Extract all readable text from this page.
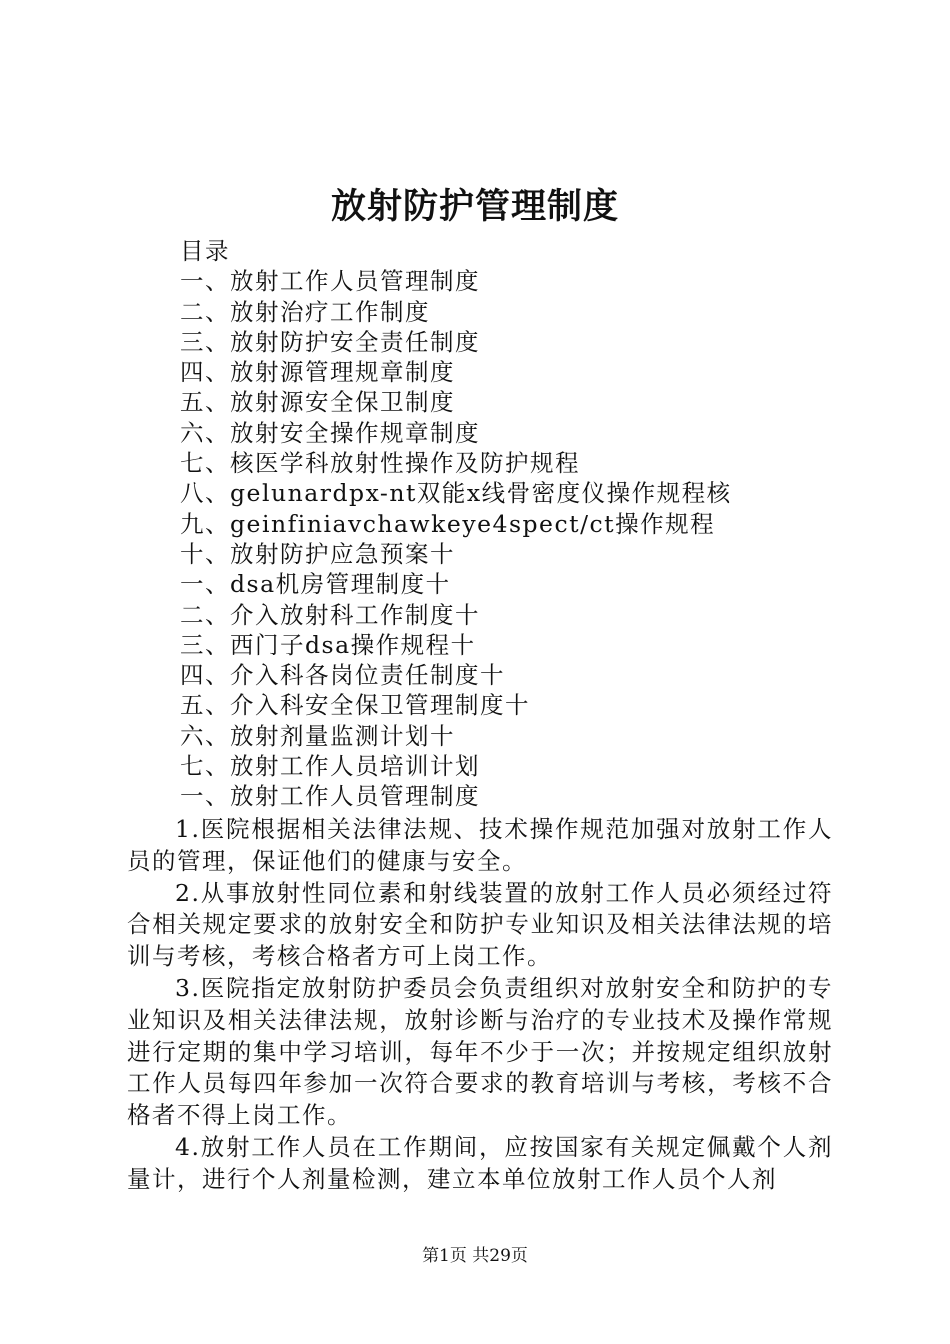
放射防护管理制度
目录
一、放射工作人员管理制度
二、放射治疗工作制度
三、放射防护安全责任制度
四、放射源管理规章制度
五、放射源安全保卫制度
六、放射安全操作规章制度
七、核医学科放射性操作及防护规程
八、gelunardpx-nt双能x线骨密度仪操作规程核
九、geinfiniavchawkeye4spect/ct操作规程
十、放射防护应急预案十
一、dsa机房管理制度十
二、介入放射科工作制度十
三、西门子dsa操作规程十
四、介入科各岗位责任制度十
五、介入科安全保卫管理制度十
六、放射剂量监测计划十
七、放射工作人员培训计划
一、放射工作人员管理制度

1.医院根据相关法律法规、技术操作规范加强对放射工作人员的管理，保证他们的健康与安全。

2.从事放射性同位素和射线装置的放射工作人员必须经过符合相关规定要求的放射安全和防护专业知识及相关法律法规的培训与考核，考核合格者方可上岗工作。

3.医院指定放射防护委员会负责组织对放射安全和防护的专业知识及相关法律法规，放射诊断与治疗的专业技术及操作常规进行定期的集中学习培训，每年不少于一次；并按规定组织放射工作人员每四年参加一次符合要求的教育培训与考核，考核不合格者不得上岗工作。

4.放射工作人员在工作期间，应按国家有关规定佩戴个人剂量计，进行个人剂量检测，建立本单位放射工作人员个人剂

第1页 共29页
